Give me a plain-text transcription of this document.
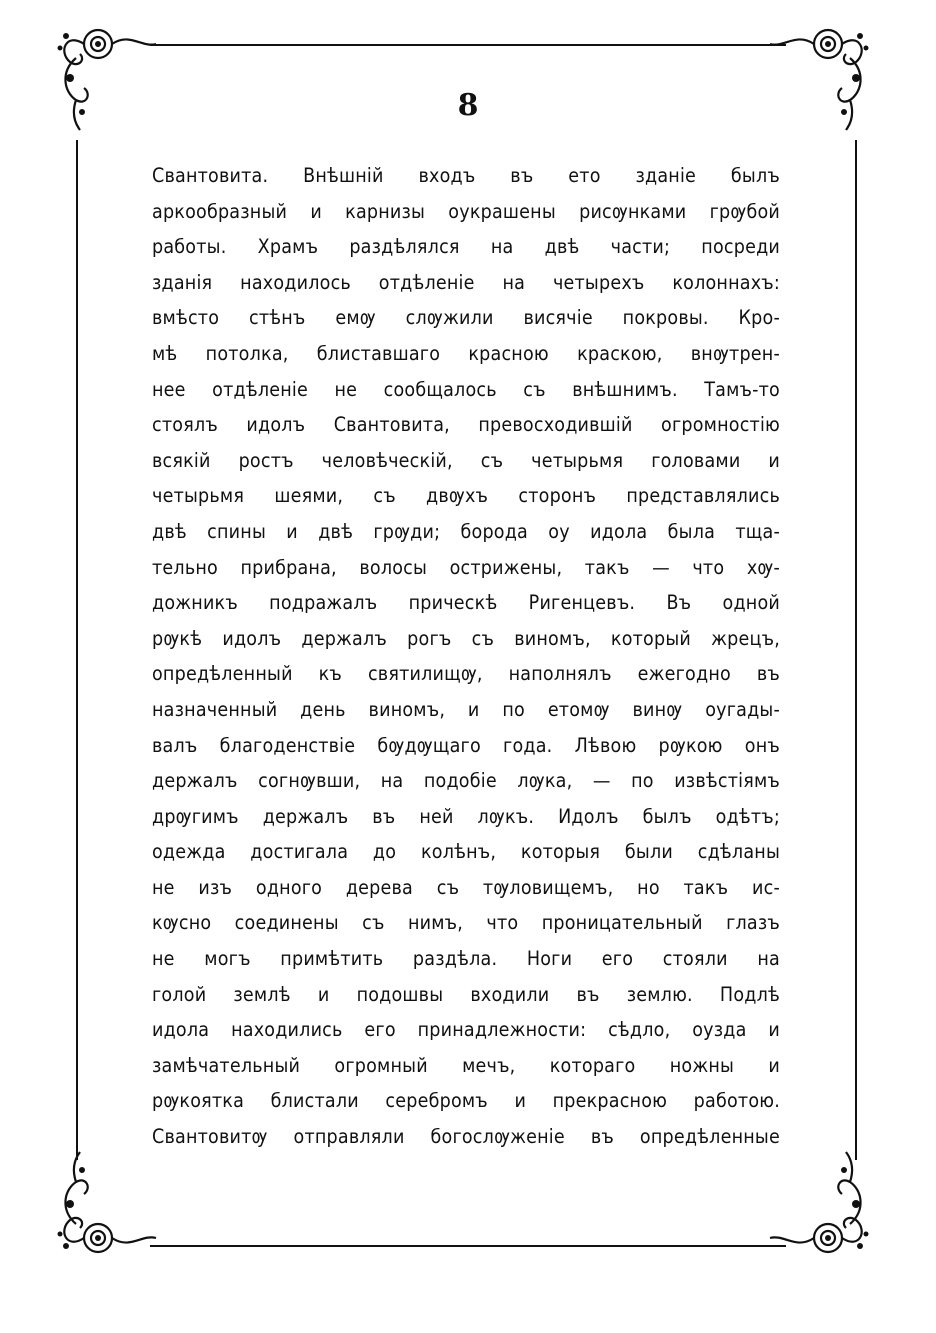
8
Свантовита. Внѣшній входъ въ ето зданіе былъ
аркообразный и карнизы оукрашены рисѹнками грѹбой
работы. Храмъ раздѣлялся на двѣ части; посреди
зданія находилось отдѣленіе на четырехъ колоннахъ:
вмѣсто стѣнъ емѹ слѹжили висячіе покровы. Кро-
мѣ потолка, блиставшаго красною краскою, внѹтрен-
нее отдѣленіе не сообщалось съ внѣшнимъ. Тамъ-то
стоялъ идолъ Свантовита, превосходившій огромностію
всякій ростъ человѣческій, съ четырьмя головами и
четырьмя шеями, съ двѹхъ сторонъ представлялись
двѣ спины и двѣ грѹди; борода оу идола была тща-
тельно прибрана, волосы острижены, такъ — что хѹ-
дожникъ подражалъ прическѣ Ригенцевъ. Въ одной
рѹкѣ идолъ держалъ рогъ съ виномъ, который жрецъ,
опредѣленный къ святилищѹ, наполнялъ ежегодно въ
назначенный день виномъ, и по етомѹ винѹ оугады-
валъ благоденствіе бѹдѹщаго года. Лѣвою рѹкою онъ
держалъ согнѹвши, на подобіе лѹка, — по извѣстіямъ
дрѹгимъ держалъ въ ней лѹкъ. Идолъ былъ одѣтъ;
одежда достигала до колѣнъ, которыя были сдѣланы
не изъ одного дерева съ тѹловищемъ, но такъ ис-
кѹсно соединены съ нимъ, что проницательный глазъ
не могъ примѣтить раздѣла. Ноги его стояли на
голой землѣ и подошвы входили въ землю. Подлѣ
идола находились его принадлежности: сѣдло, оузда и
замѣчательный огромный мечъ, котораго ножны и
рѹкоятка блистали серебромъ и прекрасною работою.
Свантовитѹ отправляли богослѹженіе въ опредѣленные
